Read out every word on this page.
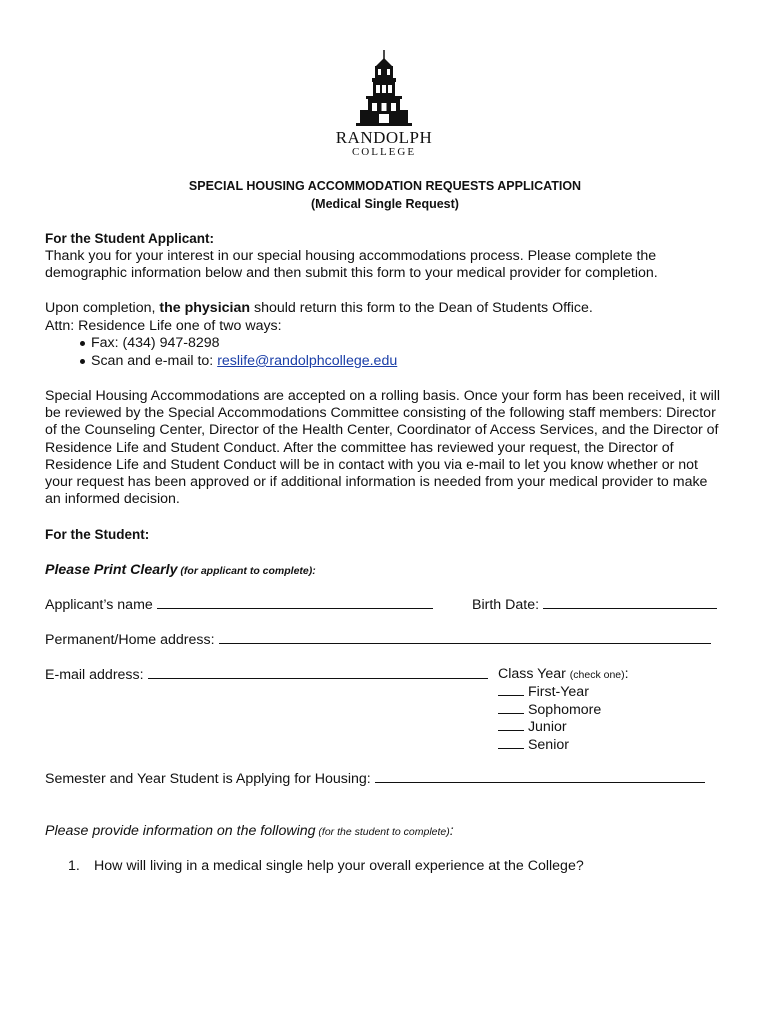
RANDOLPH
COLLEGE
SPECIAL HOUSING ACCOMMODATION REQUESTS APPLICATION
(Medical Single Request)
For the Student Applicant:
Thank you for your interest in our special housing accommodations process. Please complete the demographic information below and then submit this form to your medical provider for completion.
Upon completion, the physician should return this form to the Dean of Students Office.
Attn: Residence Life one of two ways:
Fax: (434) 947-8298
Scan and e-mail to: reslife@randolphcollege.edu
Special Housing Accommodations are accepted on a rolling basis. Once your form has been received, it will be reviewed by the Special Accommodations Committee consisting of the following staff members: Director of the Counseling Center, Director of the Health Center, Coordinator of Access Services, and the Director of Residence Life and Student Conduct. After the committee has reviewed your request, the Director of Residence Life and Student Conduct will be in contact with you via e-mail to let you know whether or not your request has been approved or if additional information is needed from your medical provider to make an informed decision.
For the Student:
Please Print Clearly (for applicant to complete):
Applicant’s name	Birth Date:
Permanent/Home address:
E-mail address:	Class Year (check one):
First-Year
Sophomore
Junior
Senior
Semester and Year Student is Applying for Housing:
Please provide information on the following (for the student to complete):
1. How will living in a medical single help your overall experience at the College?
